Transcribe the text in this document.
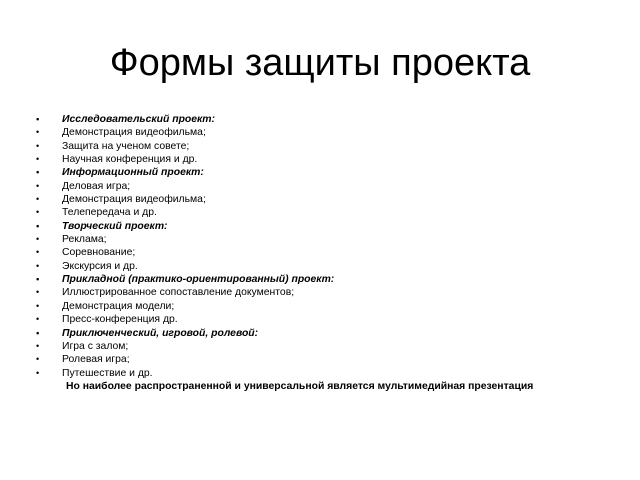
Формы защиты проекта
• Исследовательский проект:
• Демонстрация видеофильма;
• Защита на ученом совете;
• Научная конференция и др.
• Информационный проект:
• Деловая игра;
• Демонстрация видеофильма;
• Телепередача и др.
• Творческий проект:
• Реклама;
• Соревнование;
• Экскурсия и др.
• Прикладной (практико-ориентированный) проект:
• Иллюстрированное сопоставление документов;
• Демонстрация модели;
• Пресс-конференция др.
• Приключенческий, игровой, ролевой:
• Игра с залом;
• Ролевая игра;
• Путешествие и др.
Но наиболее распространенной и универсальной является мультимедийная презентация
